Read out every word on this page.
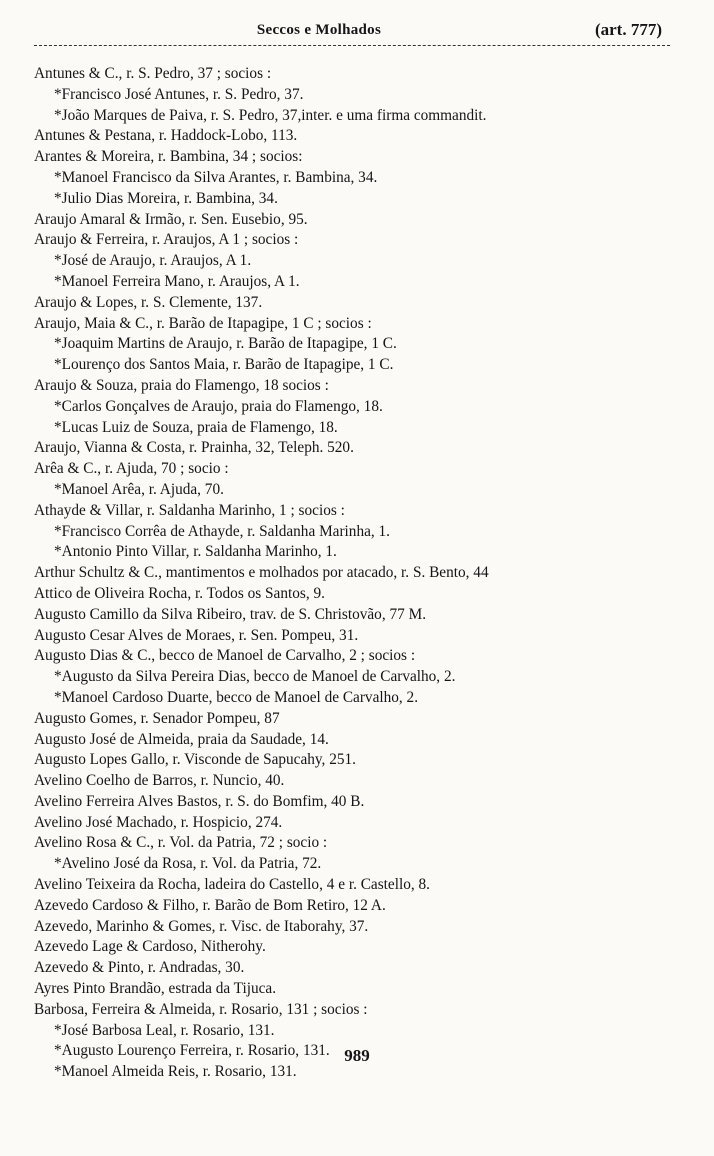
Seccos e Molhados	(art. 777)
Antunes & C., r. S. Pedro, 37 ; socios :
*Francisco José Antunes, r. S. Pedro, 37.
*João Marques de Paiva, r. S. Pedro, 37,inter. e uma firma commandit.
Antunes & Pestana, r. Haddock-Lobo, 113.
Arantes & Moreira, r. Bambina, 34 ; socios:
*Manoel Francisco da Silva Arantes, r. Bambina, 34.
*Julio Dias Moreira, r. Bambina, 34.
Araujo Amaral & Irmão, r. Sen. Eusebio, 95.
Araujo & Ferreira, r. Araujos, A 1 ; socios :
*José de Araujo, r. Araujos, A 1.
*Manoel Ferreira Mano, r. Araujos, A 1.
Araujo & Lopes, r. S. Clemente, 137.
Araujo, Maia & C., r. Barão de Itapagipe, 1 C ; socios :
*Joaquim Martins de Araujo, r. Barão de Itapagipe, 1 C.
*Lourenço dos Santos Maia, r. Barão de Itapagipe, 1 C.
Araujo & Souza, praia do Flamengo, 18 socios :
*Carlos Gonçalves de Araujo, praia do Flamengo, 18.
*Lucas Luiz de Souza, praia de Flamengo, 18.
Araujo, Vianna & Costa, r. Prainha, 32, Teleph. 520.
Arêa & C., r. Ajuda, 70 ; socio :
*Manoel Arêa, r. Ajuda, 70.
Athayde & Villar, r. Saldanha Marinho, 1 ; socios :
*Francisco Corrêa de Athayde, r. Saldanha Marinha, 1.
*Antonio Pinto Villar, r. Saldanha Marinho, 1.
Arthur Schultz & C., mantimentos e molhados por atacado, r. S. Bento, 44
Attico de Oliveira Rocha, r. Todos os Santos, 9.
Augusto Camillo da Silva Ribeiro, trav. de S. Christovão, 77 M.
Augusto Cesar Alves de Moraes, r. Sen. Pompeu, 31.
Augusto Dias & C., becco de Manoel de Carvalho, 2 ; socios :
*Augusto da Silva Pereira Dias, becco de Manoel de Carvalho, 2.
*Manoel Cardoso Duarte, becco de Manoel de Carvalho, 2.
Augusto Gomes, r. Senador Pompeu, 87
Augusto José de Almeida, praia da Saudade, 14.
Augusto Lopes Gallo, r. Visconde de Sapucahy, 251.
Avelino Coelho de Barros, r. Nuncio, 40.
Avelino Ferreira Alves Bastos, r. S. do Bomfim, 40 B.
Avelino José Machado, r. Hospicio, 274.
Avelino Rosa & C., r. Vol. da Patria, 72 ; socio :
*Avelino José da Rosa, r. Vol. da Patria, 72.
Avelino Teixeira da Rocha, ladeira do Castello, 4 e r. Castello, 8.
Azevedo Cardoso & Filho, r. Barão de Bom Retiro, 12 A.
Azevedo, Marinho & Gomes, r. Visc. de Itaborahy, 37.
Azevedo Lage & Cardoso, Nitherohy.
Azevedo & Pinto, r. Andradas, 30.
Ayres Pinto Brandão, estrada da Tijuca.
Barbosa, Ferreira & Almeida, r. Rosario, 131 ; socios :
*José Barbosa Leal, r. Rosario, 131.
*Augusto Lourenço Ferreira, r. Rosario, 131.
*Manoel Almeida Reis, r. Rosario, 131.
989
